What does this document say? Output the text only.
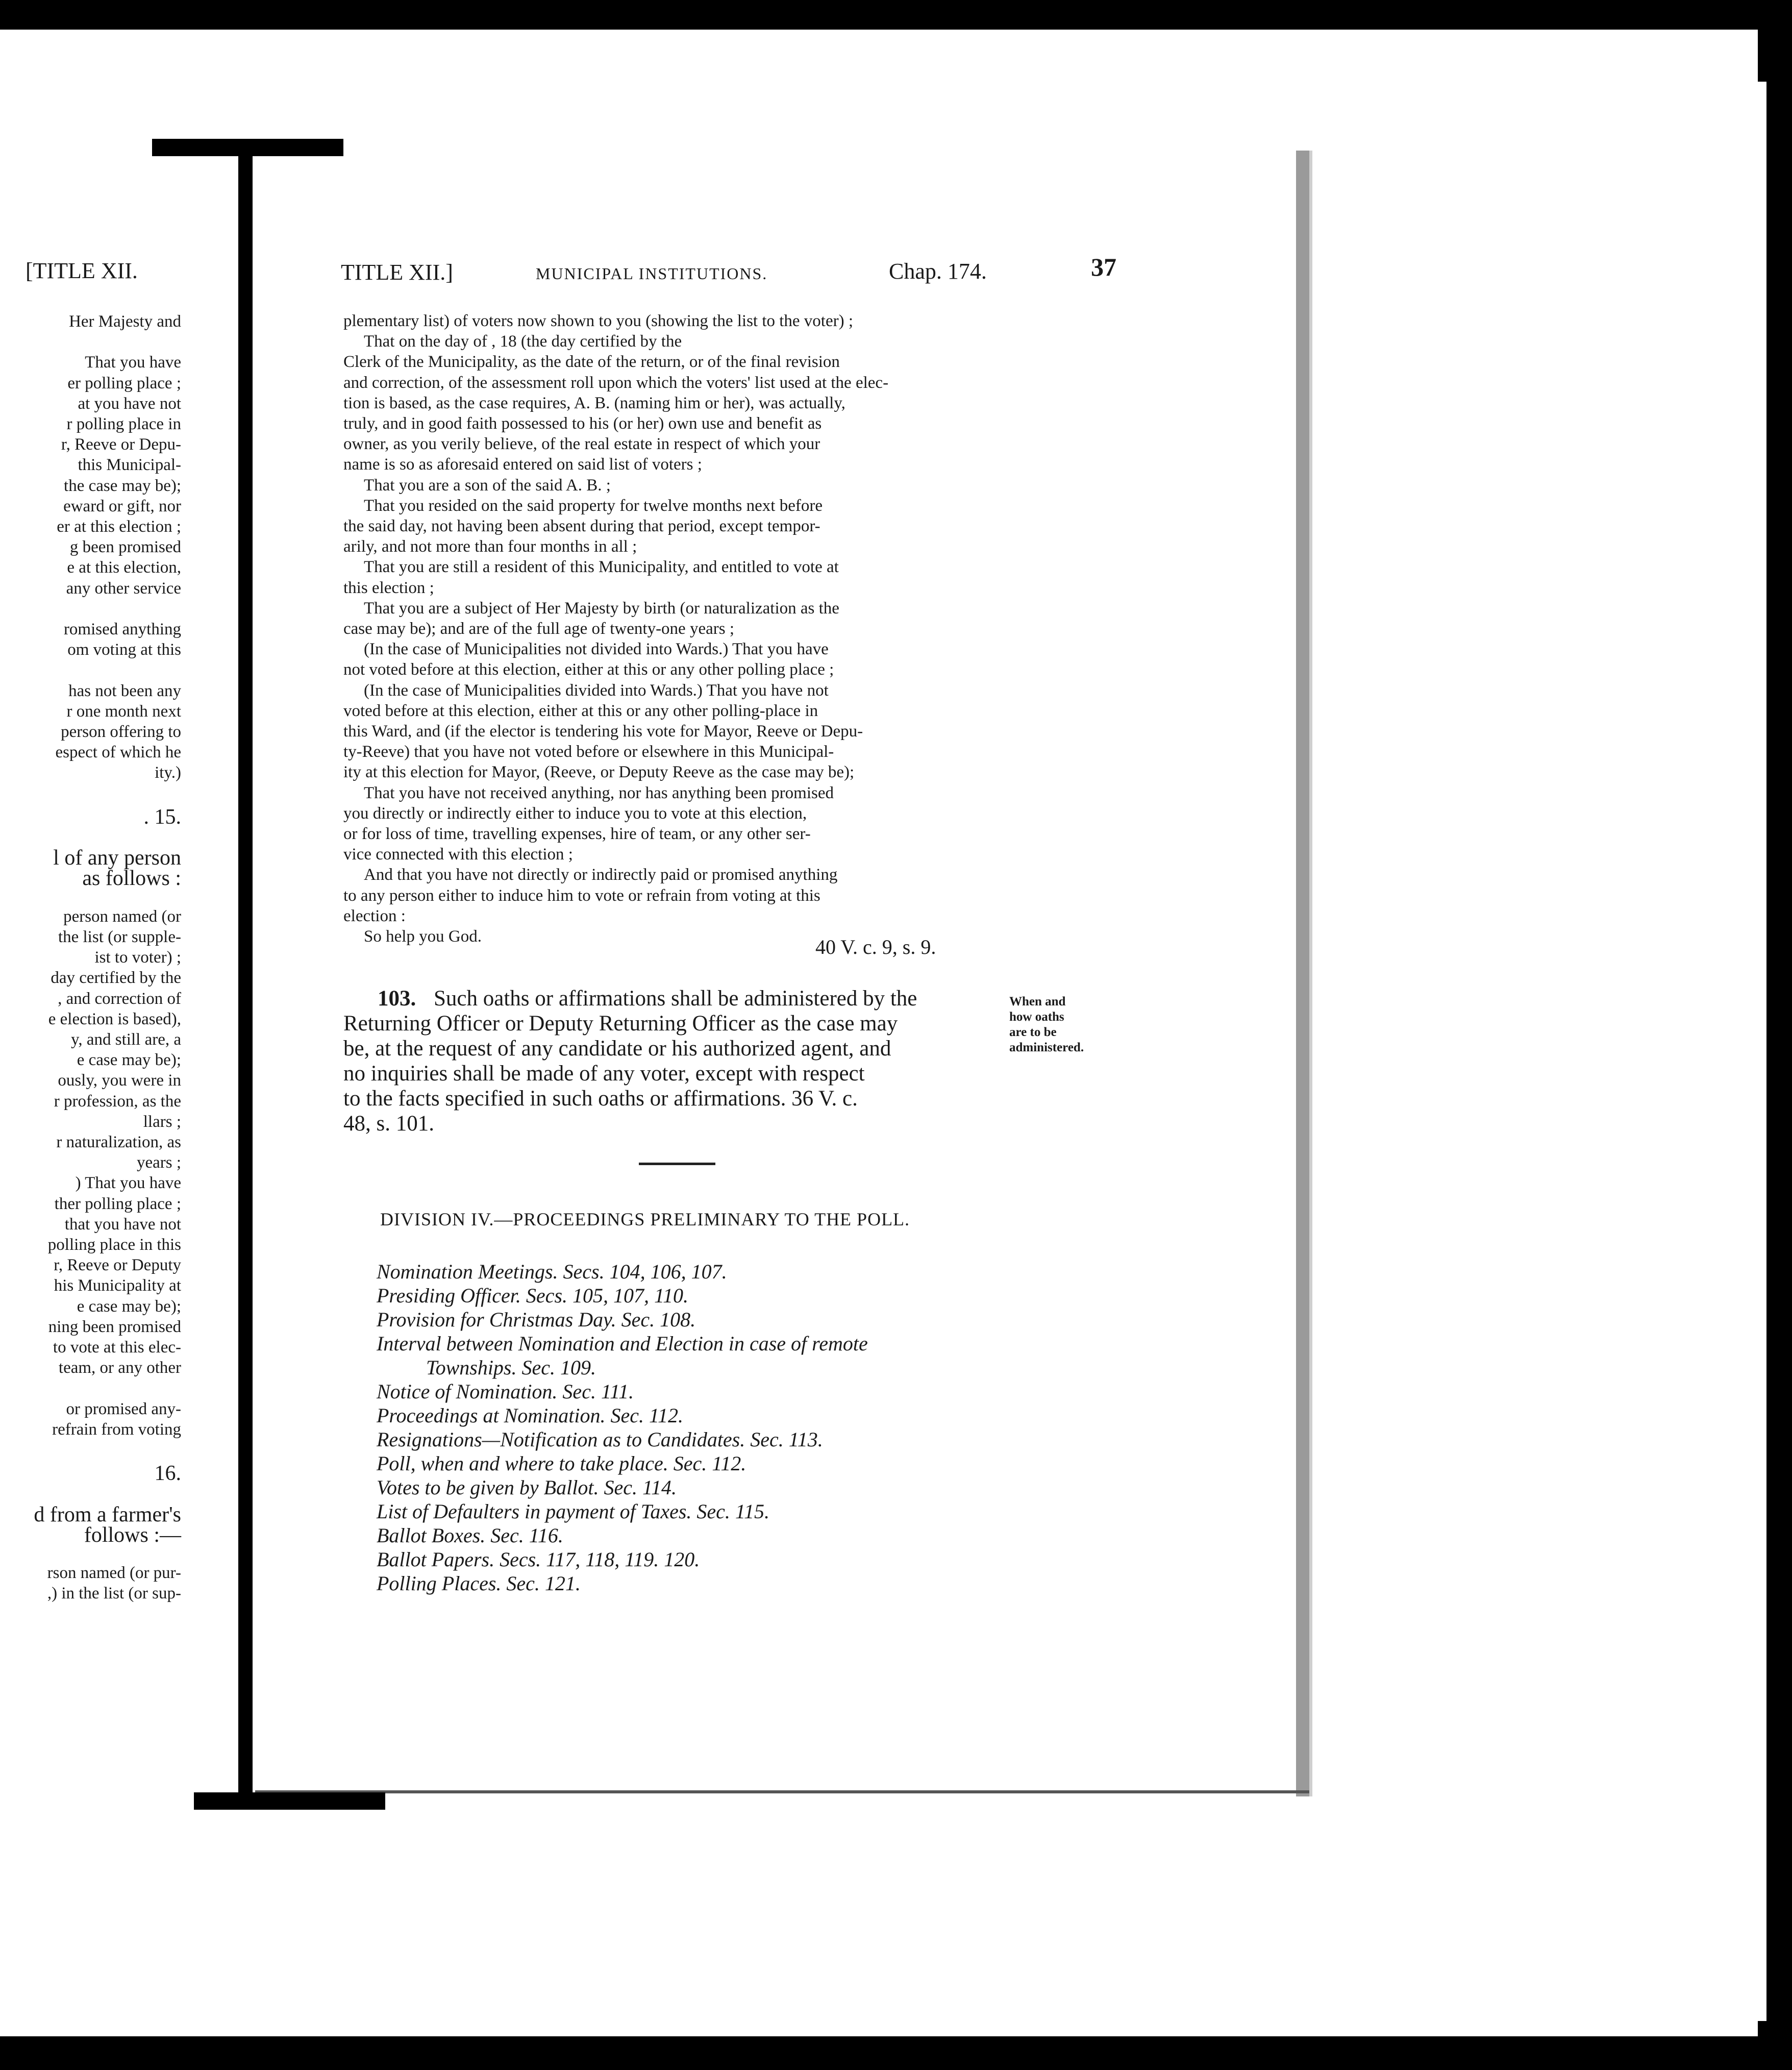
[TITLE XII.
Her Majesty and
That you have
er polling place ;
at you have not
r polling place in
r, Reeve or Depu-
this Municipal-
the case may be);
eward or gift, nor
er at this election ;
g been promised
e at this election,
any other service
romised anything
om voting at this
has not been any
r one month next
person offering to
espect of which he
ity.)
. 15.
l of any person
as follows :
person named (or
the list (or supple-
ist to voter) ;
day certified by the
, and correction of
e election is based),
y, and still are, a
e case may be);
ously, you were in
r profession, as the
llars ;
r naturalization, as
years ;
) That you have
ther polling place ;
that you have not
polling place in this
r, Reeve or Deputy
his Municipality at
e case may be);
ning been promised
to vote at this elec-
team, or any other
or promised any-
refrain from voting
16.
d from a farmer's
follows :—
rson named (or pur-
,) in the list (or sup-
TITLE XII.]	MUNICIPAL INSTITUTIONS.	Chap. 174.	37
plementary list) of voters now shown to you (showing the list to the voter) ;
That on the day of , 18 (the day certified by the
Clerk of the Municipality, as the date of the return, or of the final revision
and correction, of the assessment roll upon which the voters' list used at the elec-
tion is based, as the case requires, A. B. (naming him or her), was actually,
truly, and in good faith possessed to his (or her) own use and benefit as
owner, as you verily believe, of the real estate in respect of which your
name is so as aforesaid entered on said list of voters ;
That you are a son of the said A. B. ;
That you resided on the said property for twelve months next before
the said day, not having been absent during that period, except tempor-
arily, and not more than four months in all ;
That you are still a resident of this Municipality, and entitled to vote at
this election ;
That you are a subject of Her Majesty by birth (or naturalization as the
case may be); and are of the full age of twenty-one years ;
(In the case of Municipalities not divided into Wards.) That you have
not voted before at this election, either at this or any other polling place ;
(In the case of Municipalities divided into Wards.) That you have not
voted before at this election, either at this or any other polling-place in
this Ward, and (if the elector is tendering his vote for Mayor, Reeve or Depu-
ty-Reeve) that you have not voted before or elsewhere in this Municipal-
ity at this election for Mayor, (Reeve, or Deputy Reeve as the case may be);
That you have not received anything, nor has anything been promised
you directly or indirectly either to induce you to vote at this election,
or for loss of time, travelling expenses, hire of team, or any other ser-
vice connected with this election ;
And that you have not directly or indirectly paid or promised anything
to any person either to induce him to vote or refrain from voting at this
election :
So help you God.	40 V. c. 9, s. 9.
103. Such oaths or affirmations shall be administered by the
Returning Officer or Deputy Returning Officer as the case may
be, at the request of any candidate or his authorized agent, and
no inquiries shall be made of any voter, except with respect
to the facts specified in such oaths or affirmations. 36 V. c.
48, s. 101.
When and
how oaths
are to be
administered.
DIVISION IV.—PROCEEDINGS PRELIMINARY TO THE POLL.
Nomination Meetings. Secs. 104, 106, 107.
Presiding Officer. Secs. 105, 107, 110.
Provision for Christmas Day. Sec. 108.
Interval between Nomination and Election in case of remote
Townships. Sec. 109.
Notice of Nomination. Sec. 111.
Proceedings at Nomination. Sec. 112.
Resignations—Notification as to Candidates. Sec. 113.
Poll, when and where to take place. Sec. 112.
Votes to be given by Ballot. Sec. 114.
List of Defaulters in payment of Taxes. Sec. 115.
Ballot Boxes. Sec. 116.
Ballot Papers. Secs. 117, 118, 119. 120.
Polling Places. Sec. 121.
